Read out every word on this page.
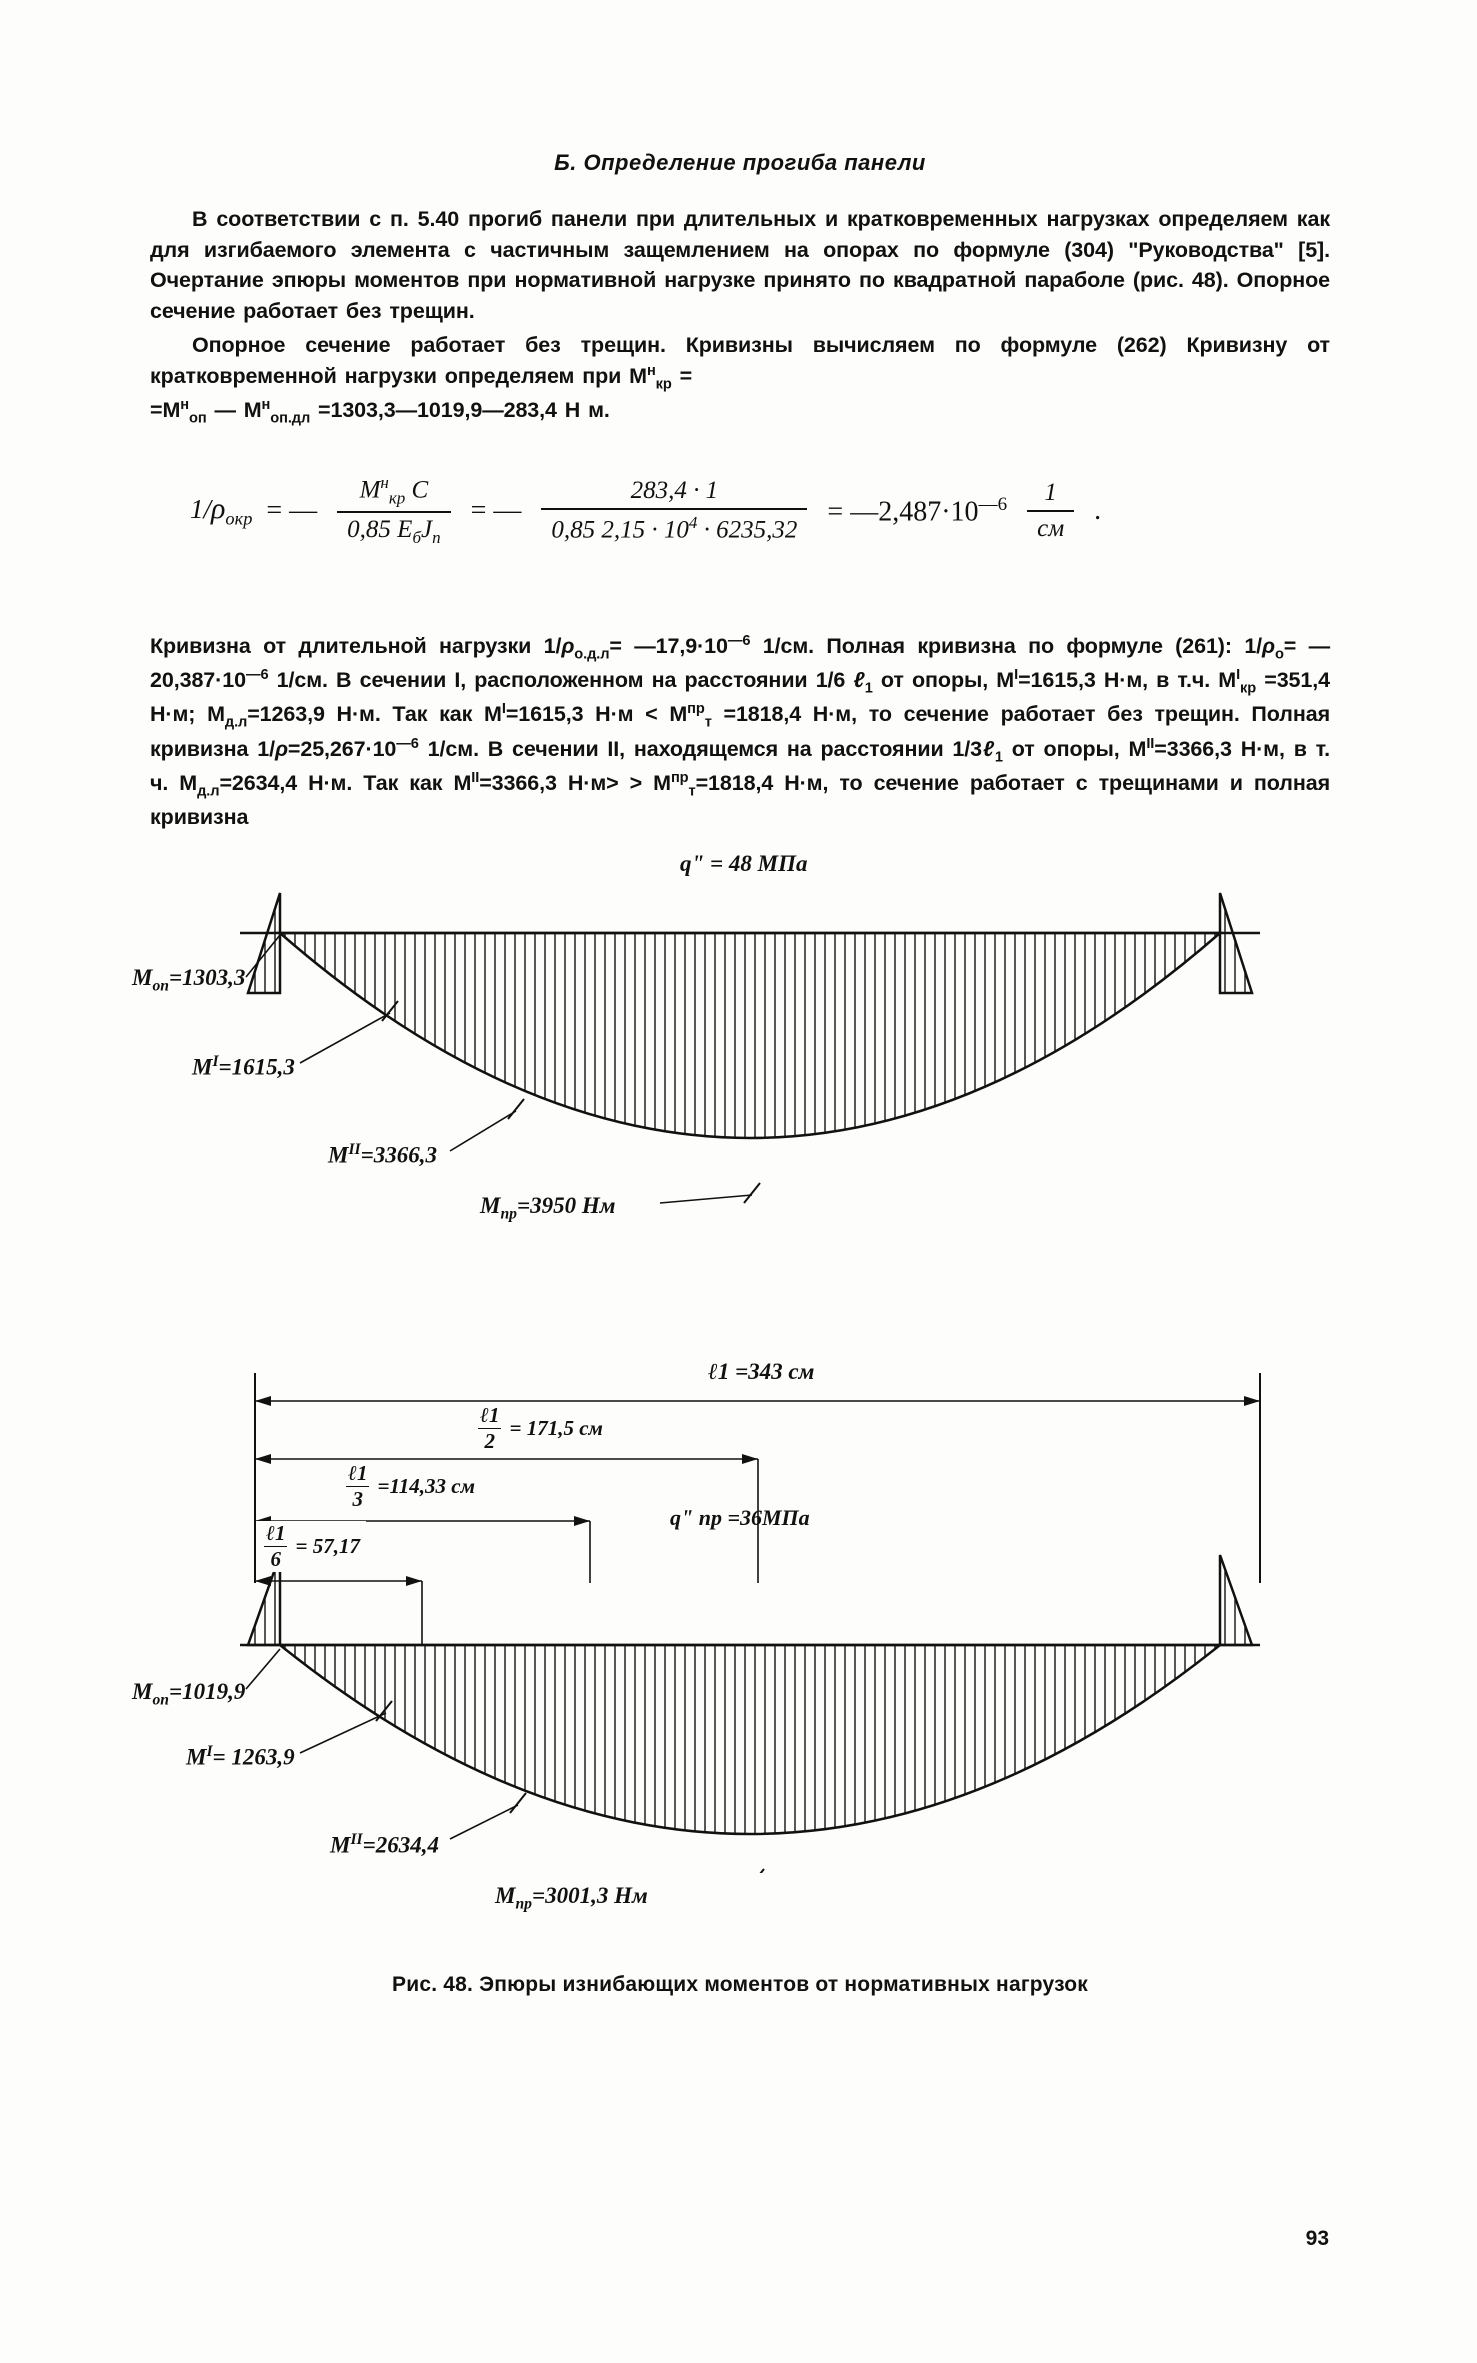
Б. Определение прогиба панели

В соответствии с п. 5.40 прогиб панели при длительных и кратковременных нагрузках определяем как для изгибаемого элемента с частичным защемлением на опорах по формуле (304) "Руководства" [5]. Очертание эпюры моментов при нормативной нагрузке принято по квадратной параболе (рис. 48). Опорное сечение работает без трещин.

Опорное сечение работает без трещин. Кривизны вычисляем по формуле (262) Кривизну от кратковременной нагрузки определяем при $М^н_{кр}$ =
$=М^н_{оп}$ — $М^н_{оп.дл}$ =1303,3—1019,9—283,4 Н м.

$1/\rho_{окр}$ = — $\frac{М^н_{кр} С}{0,85 Е_бJ_п}$ = — $\frac{283,4 \cdot 1}{0,85 2,15 \cdot 10^4 \cdot 6235,32}$ = $—2,487\cdot 10^{—6} \frac{1}{см}$ .

Кривизна от длительной нагрузки $1/\rho_{о.д.л}=$ $—17,9\cdot 10^{—6}$ 1/см. Полная кривизна по формуле (261): $1/\rho_о=$ $—20,387\cdot 10^{—6}$ 1/см. В сечении I, расположенном на расстоянии 1/6 ℓ$_1$ от опоры, $М^I=1615,3$ Н·м, в т.ч. $М^I_{кр} =351,4$ Н·м; $М_{д.л}=1263,9$ Н·м. Так как $М^I=1615,3$ $Н\cdot м < М^{пр}_т =1818,4$ Н·м, то сечение работает без трещин. Полная кривизна $1/\rho=25,267\cdot 10^{—6}$ 1/см. В сечении II, находящемся на расстоянии 1/3ℓ$_1$ от опоры, $М^{II}=3366,3$ Н·м, в т. ч. $М_{д.л}=2634,4$ Н·м. Так как $М^{II}=3366,3$ $Н\cdot м> > М^{пр}_т=1818,4$ Н·м, то сечение работает с трещинами и полная кривизна

qʺ = 48 МПа
$М_{оп}=1303,3$
$М^I=1615,3$
$М^{II}=3366,3$
$М_{пр}=3950$ Нм
ℓ1 =343 см
ℓ1
2
= 171,5 см
ℓ1
3
=114,33 см
ℓ1
6
= 57,17
qʺ пр =36МПа
$М_{оп}=1019,9$
$М^I= 1263,9$
$М^{II}=2634,4$
$М_{пр}=3001,3$ Нм
Рис. 48. Эпюры изнибающих моментов от нормативных нагрузок
93
